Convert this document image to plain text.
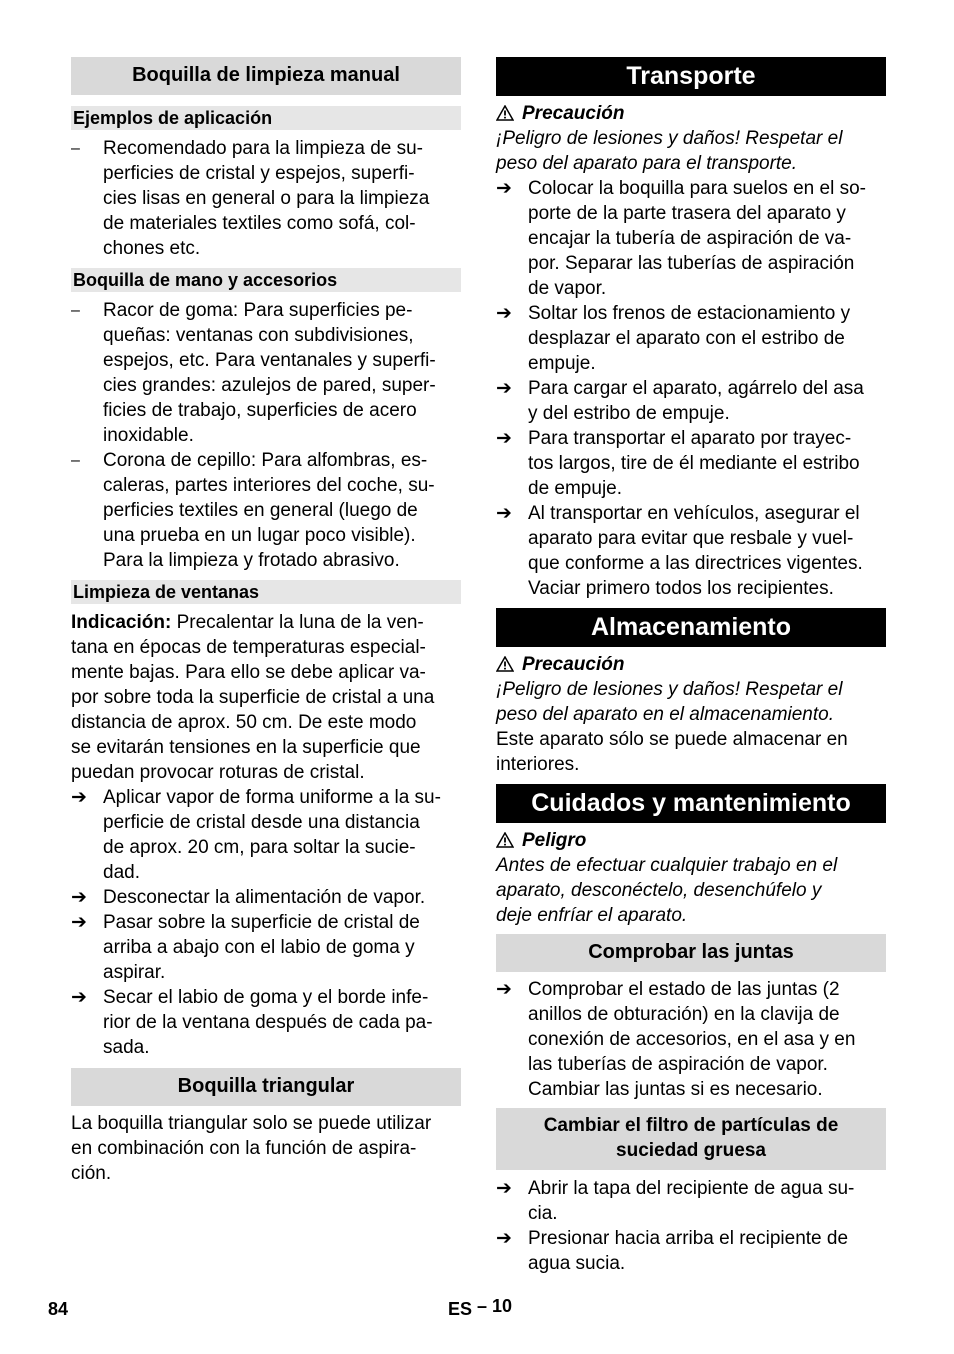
Boquilla de limpieza manual
Ejemplos de aplicación
– Recomendado para la limpieza de su-
perficies de cristal y espejos, superfi-
cies lisas en general o para la limpieza
de materiales textiles como sofá, col-
chones etc.
Boquilla de mano y accesorios
– Racor de goma: Para superficies pe-
queñas: ventanas con subdivisiones,
espejos, etc. Para ventanales y superfi-
cies grandes: azulejos de pared, super-
ficies de trabajo, superficies de acero
inoxidable.
– Corona de cepillo: Para alfombras, es-
caleras, partes interiores del coche, su-
perficies textiles en general (luego de
una prueba en un lugar poco visible).
Para la limpieza y frotado abrasivo.
Limpieza de ventanas
Indicación: Precalentar la luna de la ven-
tana en épocas de temperaturas especial-
mente bajas. Para ello se debe aplicar va-
por sobre toda la superficie de cristal a una
distancia de aprox. 50 cm. De este modo
se evitarán tensiones en la superficie que
puedan provocar roturas de cristal.
➔ Aplicar vapor de forma uniforme a la su-
perficie de cristal desde una distancia
de aprox. 20 cm, para soltar la sucie-
dad.
➔ Desconectar la alimentación de vapor.
➔ Pasar sobre la superficie de cristal de
arriba a abajo con el labio de goma y
aspirar.
➔ Secar el labio de goma y el borde infe-
rior de la ventana después de cada pa-
sada.
Boquilla triangular
La boquilla triangular solo se puede utilizar
en combinación con la función de aspira-
ción.
Transporte
Precaución
¡Peligro de lesiones y daños! Respetar el
peso del aparato para el transporte.
➔ Colocar la boquilla para suelos en el so-
porte de la parte trasera del aparato y
encajar la tubería de aspiración de va-
por. Separar las tuberías de aspiración
de vapor.
➔ Soltar los frenos de estacionamiento y
desplazar el aparato con el estribo de
empuje.
➔ Para cargar el aparato, agárrelo del asa
y del estribo de empuje.
➔ Para transportar el aparato por trayec-
tos largos, tire de él mediante el estribo
de empuje.
➔ Al transportar en vehículos, asegurar el
aparato para evitar que resbale y vuel-
que conforme a las directrices vigentes.
Vaciar primero todos los recipientes.
Almacenamiento
Precaución
¡Peligro de lesiones y daños! Respetar el
peso del aparato en el almacenamiento.
Este aparato sólo se puede almacenar en
interiores.
Cuidados y mantenimiento
Peligro
Antes de efectuar cualquier trabajo en el
aparato, desconéctelo, desenchúfelo y
deje enfríar el aparato.
Comprobar las juntas
➔ Comprobar el estado de las juntas (2
anillos de obturación) en la clavija de
conexión de accesorios, en el asa y en
las tuberías de aspiración de vapor.
Cambiar las juntas si es necesario.
Cambiar el filtro de partículas de
suciedad gruesa
➔ Abrir la tapa del recipiente de agua su-
cia.
➔ Presionar hacia arriba el recipiente de
agua sucia.
84	ES – 10
